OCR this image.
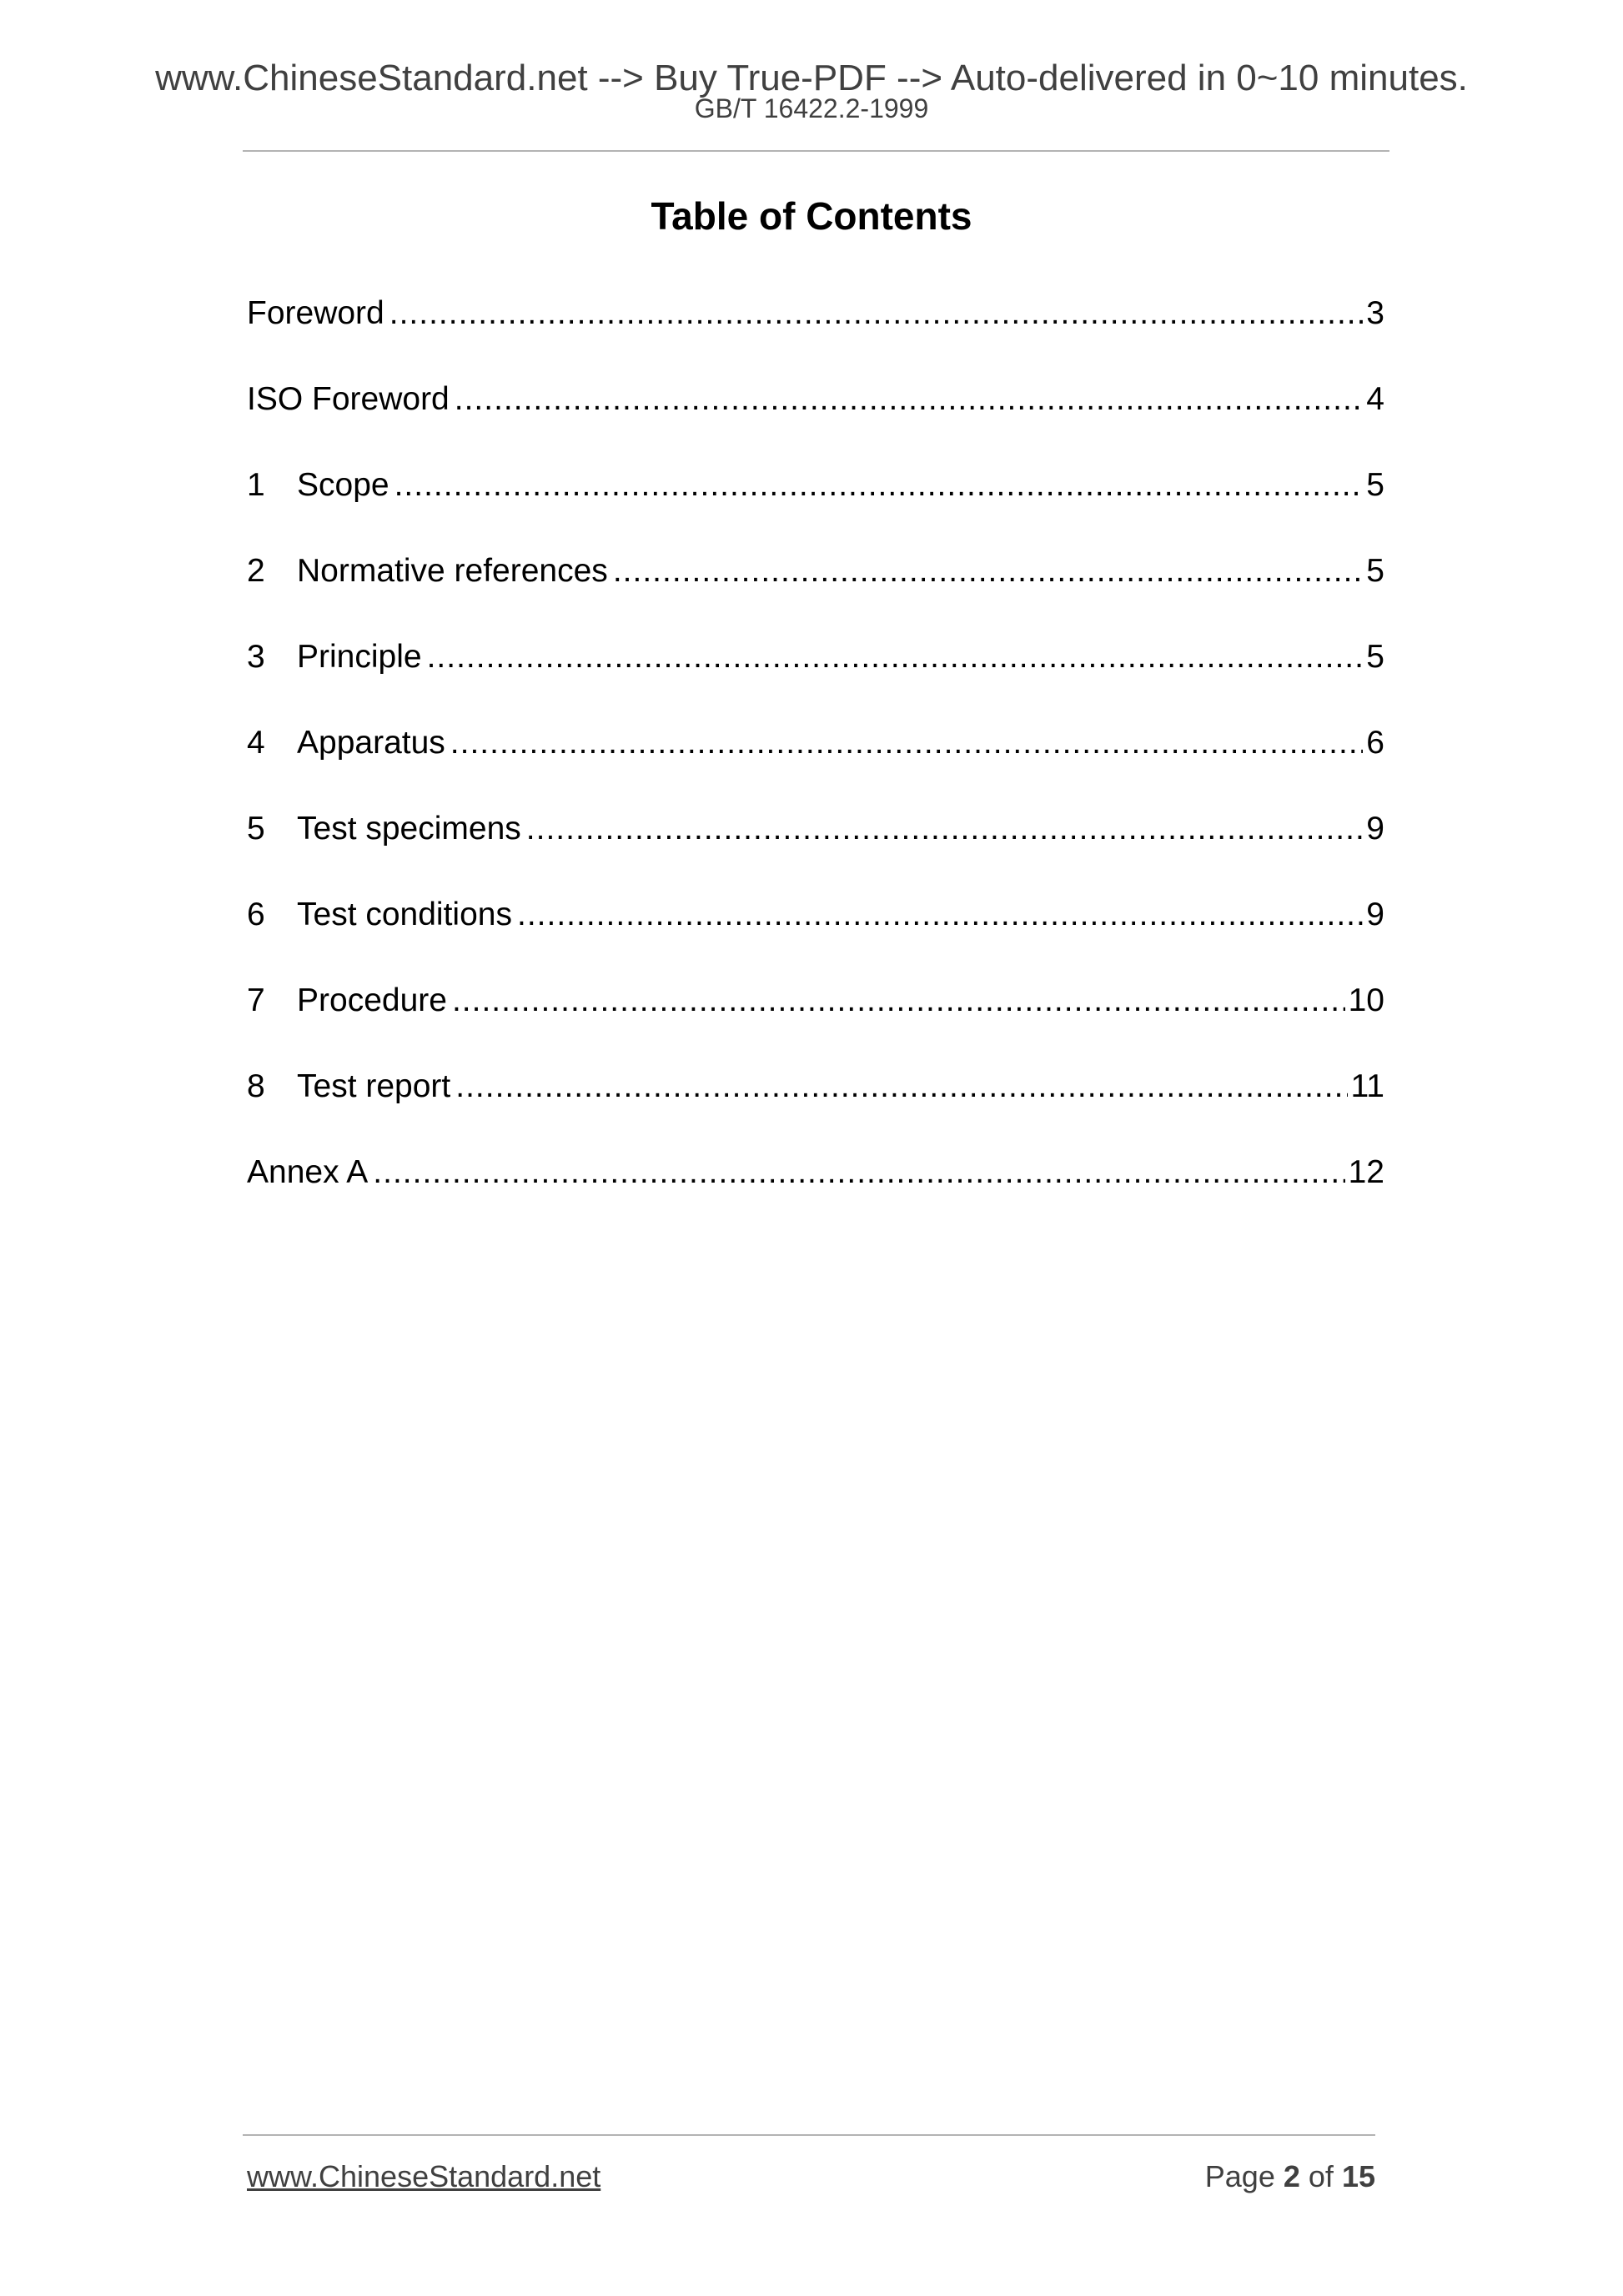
www.ChineseStandard.net --> Buy True-PDF --> Auto-delivered in 0~10 minutes.
GB/T 16422.2-1999
Table of Contents
Foreword .....	3
ISO Foreword .....	4
1 Scope .....	5
2 Normative references .....	5
3 Principle .....	5
4 Apparatus .....	6
5 Test specimens .....	9
6 Test conditions .....	9
7 Procedure .....	10
8 Test report .....	11
Annex A .....	12
www.ChineseStandard.net	Page 2 of 15
